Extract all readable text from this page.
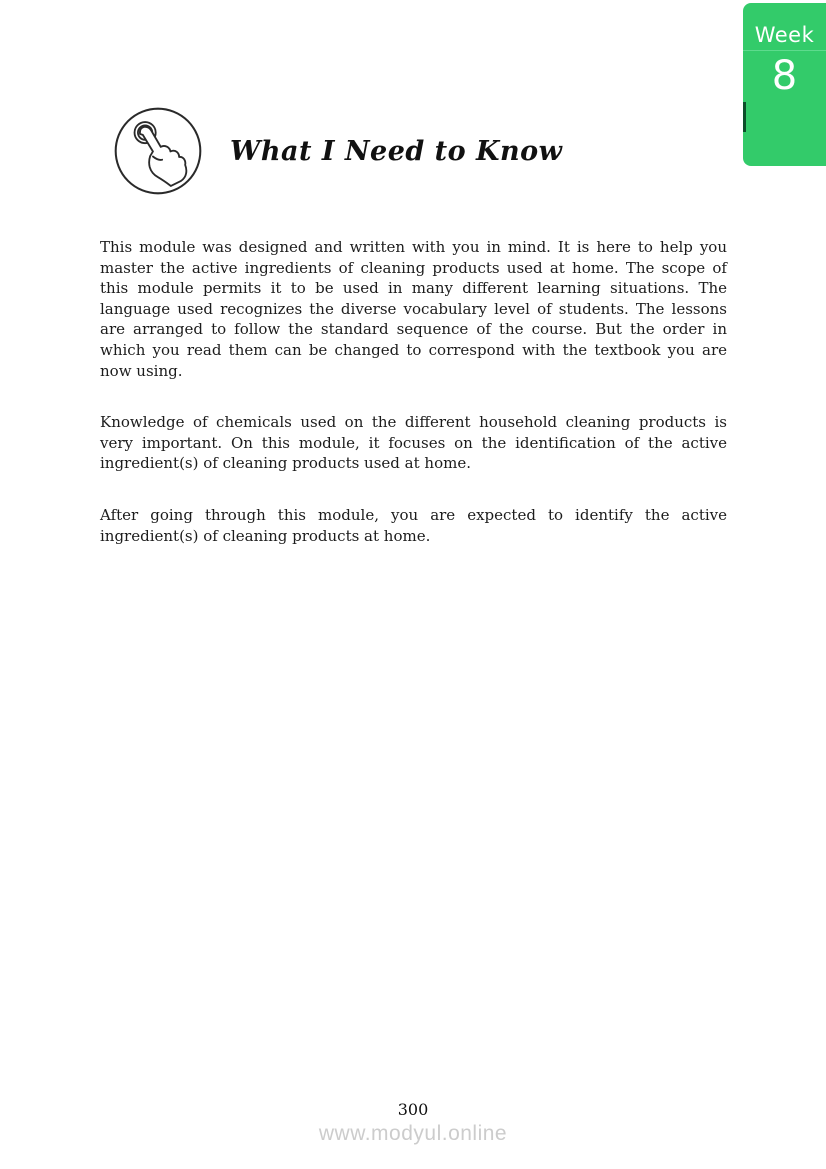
Week
8
What I Need to Know

This module was designed and written with you in mind. It is here to help you master the active ingredients of cleaning products used at home. The scope of this module permits it to be used in many different learning situations. The language used recognizes the diverse vocabulary level of students. The lessons are arranged to follow the standard sequence of the course. But the order in which you read them can be changed to correspond with the textbook you are now using.

Knowledge of chemicals used on the different household cleaning products is very important. On this module, it focuses on the identification of the active ingredient(s) of cleaning products used at home.

After going through this module, you are expected to identify the active ingredient(s) of cleaning products at home.

300
www.modyul.online
